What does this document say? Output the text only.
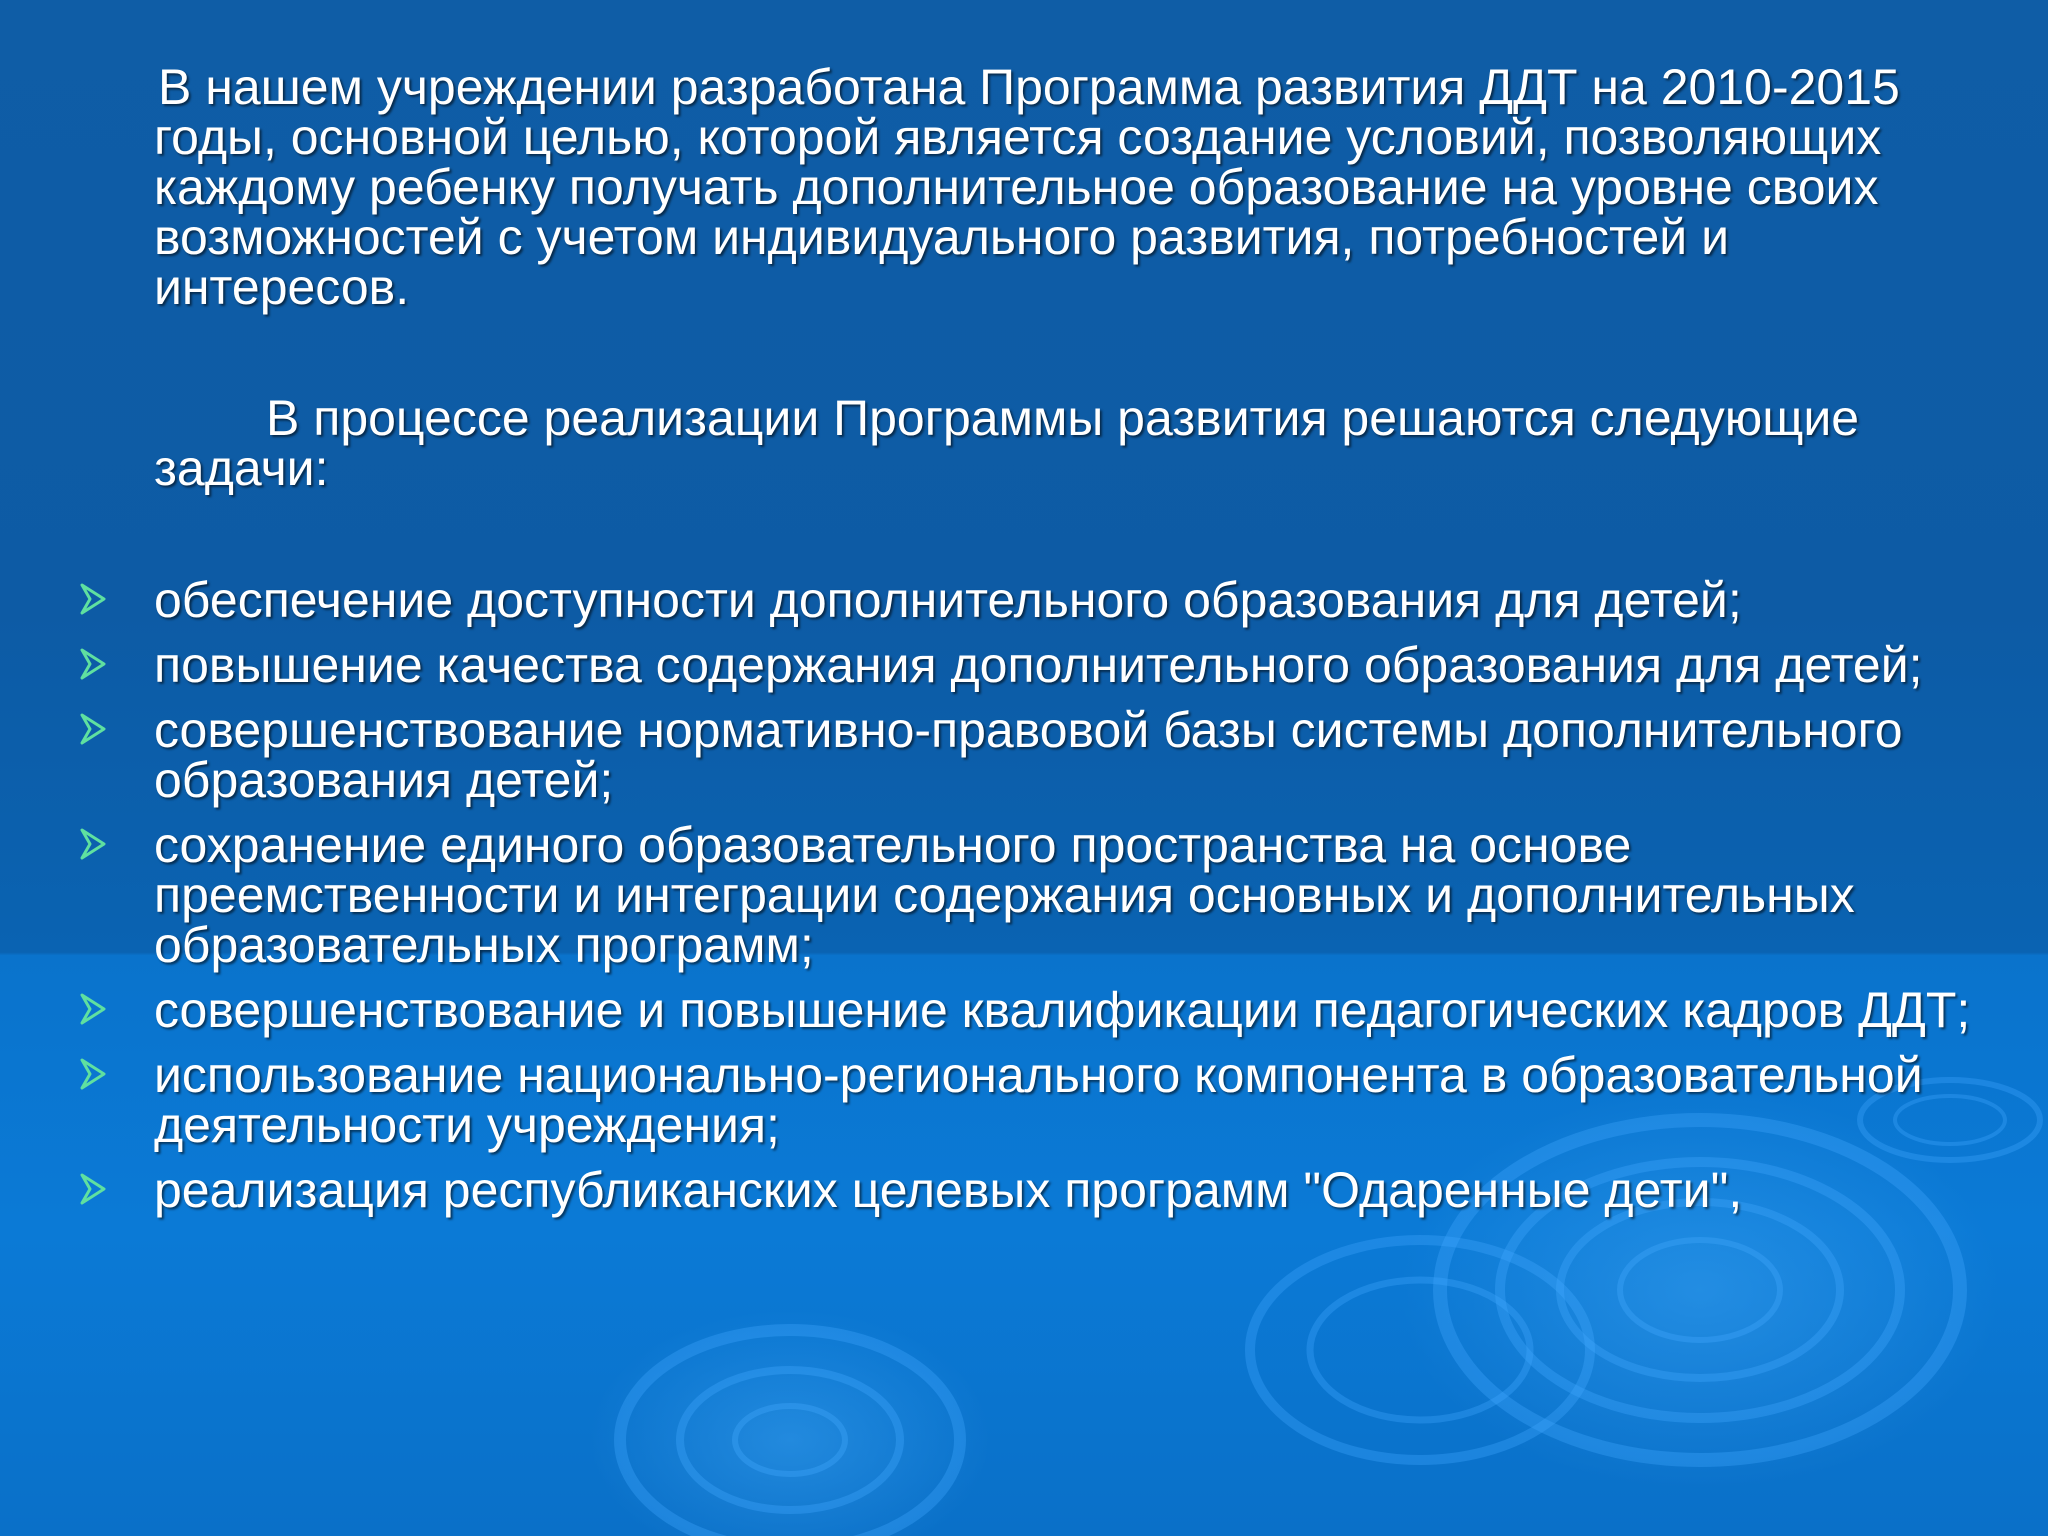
В нашем учреждении разработана Программа развития ДДТ на 2010-2015 годы, основной целью, которой является создание условий, позволяющих каждому ребенку получать дополнительное образование на уровне своих возможностей с учетом индивидуального развития, потребностей и интересов.
В процессе реализации Программы развития решаются следующие задачи:
обеспечение доступности дополнительного образования для детей;
повышение качества содержания дополнительного образования для детей;
совершенствование нормативно-правовой базы системы дополнительного образования детей;
сохранение единого образовательного пространства на основе преемственности и интеграции содержания основных и дополнительных образовательных программ;
совершенствование и повышение квалификации педагогических кадров ДДТ;
использование национально-регионального компонента в образовательной деятельности учреждения;
реализация республиканских целевых программ "Одаренные дети",
